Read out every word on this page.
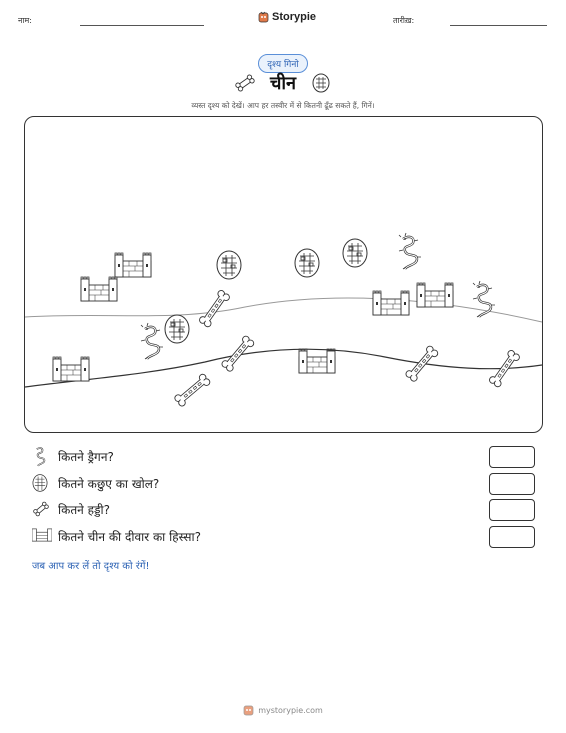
नाम:	Storypie	तारीख़:
दृश्य गिनो
चीन
व्यस्त दृश्य को देखें। आप हर तस्वीर में से कितनी ढूँढ सकते हैं, गिनें।
कितने ड्रैगन?
कितने कछुए का खोल?
कितने हड्डी?
कितने चीन की दीवार का हिस्सा?
जब आप कर लें तो दृश्य को रंगें!
mystorypie.com
